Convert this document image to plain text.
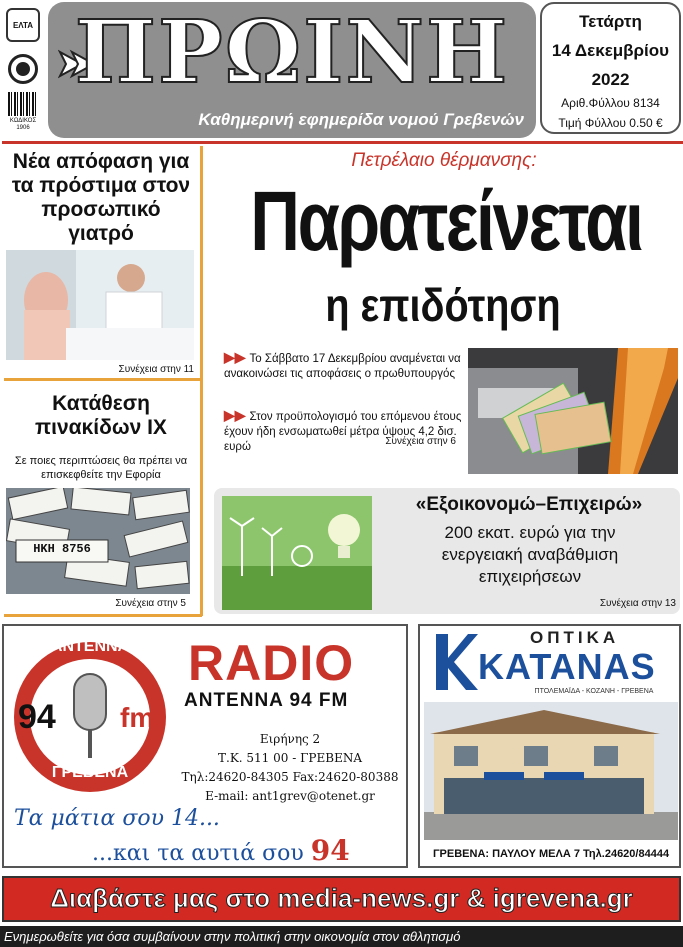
ΕΛΤΑ
ΚΩΔΙΚΟΣ
1906
ΠΡΩΙΝΗ
Καθημερινή εφημερίδα νομού Γρεβενών
Τετάρτη
14 Δεκεμβρίου
2022
Αριθ.Φύλλου 8134
Τιμή Φύλλου 0.50 €
Νέα απόφαση για τα πρόστιμα στον προσωπικό γιατρό
Συνέχεια στην 11
Κατάθεση πινακίδων ΙΧ
Σε ποιες περιπτώσεις θα πρέπει να επισκεφθείτε την Εφορία
ΗΚΗ 8756
Συνέχεια στην 5
Πετρέλαιο θέρμανσης:
Παρατείνεται
η επιδότηση
▶▶ Το Σάββατο 17 Δεκεμβρίου αναμένεται να ανακοινώσει τις αποφάσεις ο πρωθυπουργός
▶▶ Στον προϋπολογισμό του επόμενου έτους έχουν ήδη ενσωματωθεί μέτρα ύψους 4,2 δισ. ευρώ	Συνέχεια στην 6
«Εξοικονομώ–Επιχειρώ»
200 εκατ. ευρώ για την ενεργειακή αναβάθμιση επιχειρήσεων
Συνέχεια στην 13
ΑΝΤΕΝΝΑ
94 fm
ΓΡΕΒΕΝΑ
RADIO
ANTENNA 94 FM
Ειρήνης 2
Τ.Κ. 511 00 - ΓΡΕΒΕΝΑ
Τηλ:24620-84305 Fax:24620-80388
E-mail: ant1grev@otenet.gr
Τα μάτια σου 14...
...και τα αυτιά σου 94
ΟΠΤΙΚΑ
KATANAS
ΠΤΟΛΕΜΑΪΔΑ - ΚΟΖΑΝΗ - ΓΡΕΒΕΝΑ
ΓΡΕΒΕΝΑ: ΠΑΥΛΟΥ ΜΕΛΑ 7 Τηλ.24620/84444
Διαβάστε μας στο media-news.gr & igrevena.gr
Ενημερωθείτε για όσα συμβαίνουν στην πολιτική στην οικονομία στον αθλητισμό
